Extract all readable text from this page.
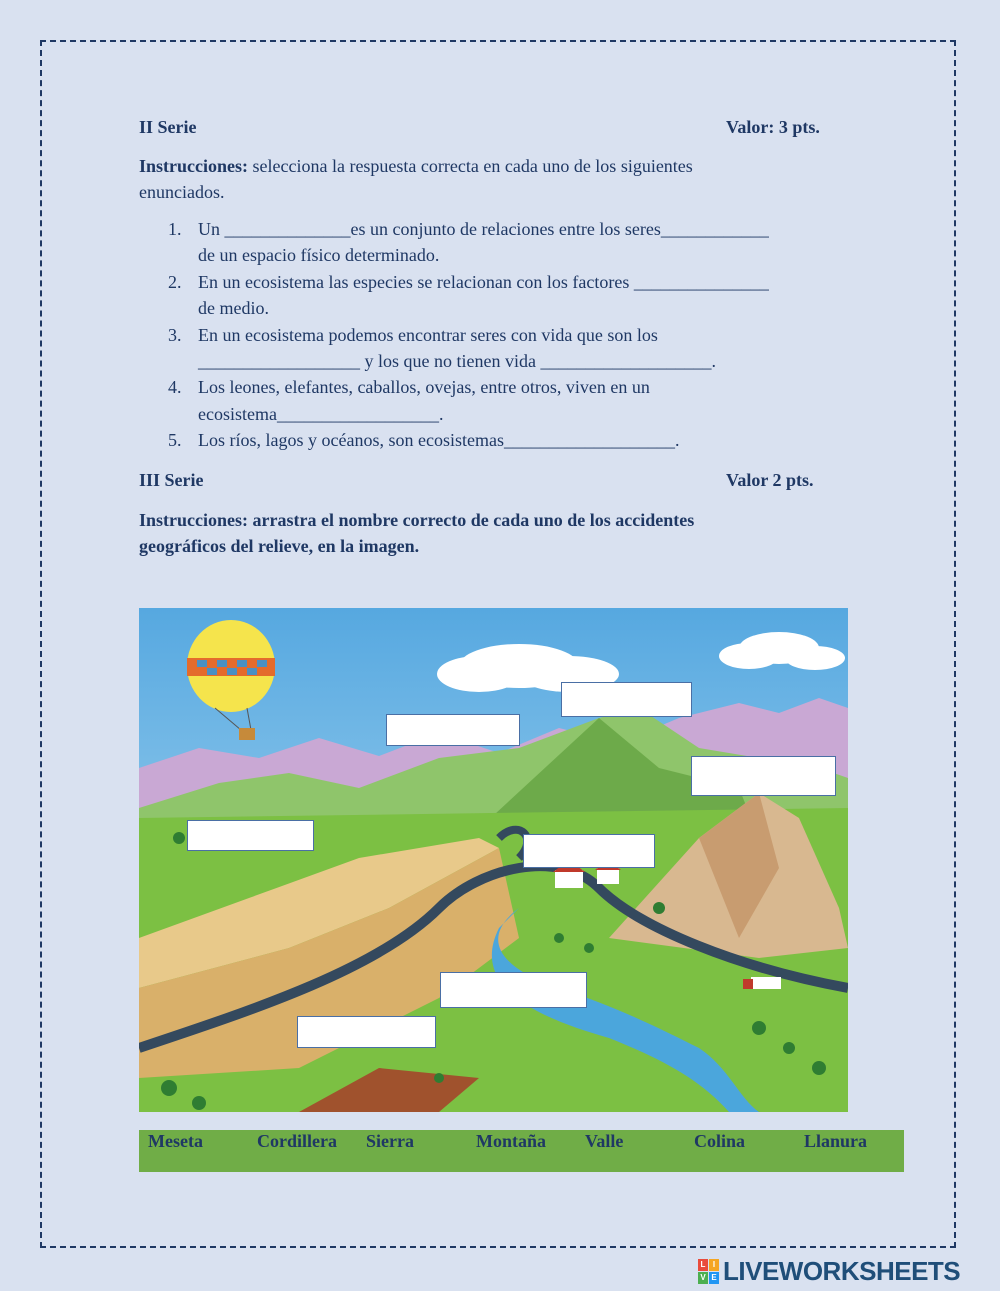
II Serie	Valor: 3 pts.
Instrucciones: selecciona la respuesta correcta en cada uno de los siguientes
enunciados.
1. Un ______________es un conjunto de relaciones entre los seres____________
de un espacio físico determinado.
2. En un ecosistema las especies se relacionan con los factores _______________
de medio.
3. En un ecosistema podemos encontrar seres con vida que son los
__________________ y los que no tienen vida ___________________.
4. Los leones, elefantes, caballos, ovejas, entre otros, viven en un
ecosistema__________________.
5. Los ríos, lagos y océanos, son ecosistemas___________________.
III Serie	Valor 2 pts.
Instrucciones: arrastra el nombre correcto de cada uno de los accidentes
geográficos del relieve, en la imagen.
Meseta	Cordillera Sierra	Montaña Valle	Colina	Llanura
L I
V E LIVEWORKSHEETS
